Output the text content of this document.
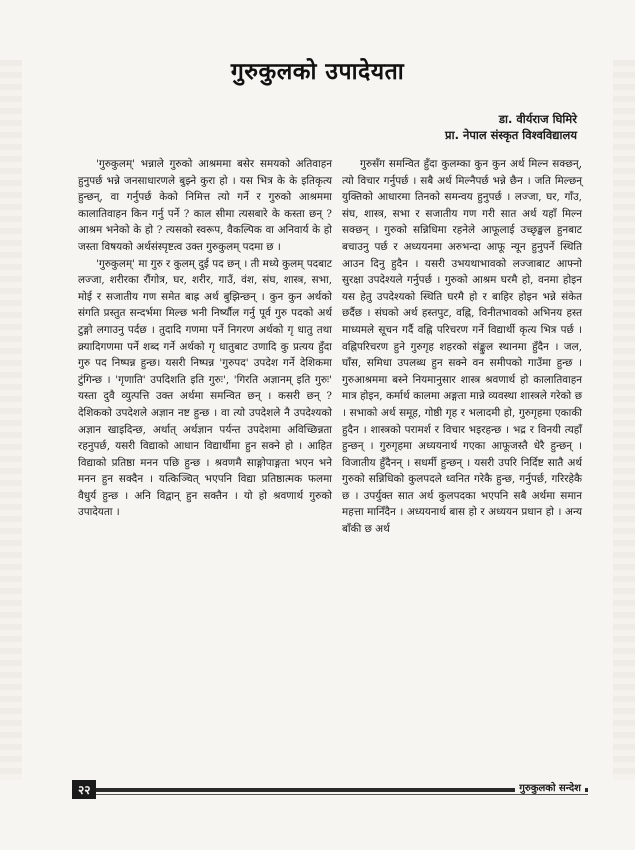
गुरुकुलको उपादेयता
डा. वीर्यराज घिमिरे
प्रा. नेपाल संस्कृत विश्वविद्यालय

'गुरुकुलम्' भन्नाले गुरुको आश्रममा बसेर समयको अतिवाहन हुनुपर्छ भन्ने जनसाधारणले बुझ्ने कुरा हो । यस भित्र के के इतिकृत्य हुन्छन्, वा गर्नुपर्छ केको निमित्त त्यो गर्ने र गुरुको आश्रममा कालातिवाहन किन गर्नु पर्ने ? काल सीमा त्यसबारे के कस्ता छन् ? आश्रम भनेको के हो ? त्यसको स्वरूप, वैकल्पिक वा अनिवार्य के हो जस्ता विषयको अर्थसंस्पृष्टत्व उक्त गुरुकुलम् पदमा छ ।

'गुरुकुलम्' मा गुरु र कुलम् दुई पद छन् । ती मध्ये कुलम् पदबाट लज्जा, शरीरका रौंगोत्र, घर, शरीर, गाउँ, वंश, संघ, शास्त्र, सभा, मोई र सजातीय गण समेत बाह्र अर्थ बुझिन्छन् । कुन कुन अर्थको संगति प्रस्तुत सन्दर्भमा मिल्छ भनी निर्ष्यौल गर्नु पूर्व गुरु पदको अर्थ टुङ्गो लगाउनु पर्दछ । तुदादि गणमा पर्ने निगरण अर्थको गृ धातु तथा क्र्यादिगणमा पर्ने शब्द गर्ने अर्थको गृ धातुबाट उणादि कु प्रत्यय हुँदा गुरु पद निष्पन्न हुन्छ। यसरी निष्पन्न 'गुरुपद' उपदेश गर्ने देशिकमा टुंगिन्छ । 'गृणाति' उपदिशति इति गुरुः', 'गिरति अज्ञानम् इति गुरुः' यस्ता दुवै व्युत्पत्ति उक्त अर्थमा समन्वित छन् । कसरी छन् ? देशिकको उपदेशले अज्ञान नष्ट हुन्छ । वा त्यो उपदेशले नै उपदेश्यको अज्ञान खाइदिन्छ, अर्थात् अर्थज्ञान पर्यन्त उपदेशमा अविच्छिन्नता रहनुपर्छ, यसरी विद्याको आधान विद्यार्थीमा हुन सक्ने हो । आहित विद्याको प्रतिष्ठा मनन पछि हुन्छ । श्रवणमै साङ्गोपाङ्गता भएन भने मनन हुन सक्दैन । यत्किञ्चित् भएपनि विद्या प्रतिष्ठात्मक फलमा वैधुर्य हुन्छ । अनि विद्वान् हुन सक्तैन । यो हो श्रवणार्थ गुरुको उपादेयता ।

गुरुसँग समन्वित हुँदा कुलम्का कुन कुन अर्थ मिल्न सक्छन्, त्यो विचार गर्नुपर्छ । सबै अर्थ मिल्नैपर्छ भन्ने छैन । जति मिल्छन् युक्तिको आधारमा तिनको समन्वय हुनुपर्छ । लज्जा, घर, गाँउ, संघ, शास्त्र, सभा र सजातीय गण गरी सात अर्थ यहाँ मिल्न सक्छन् । गुरुको सन्निधिमा रहनेले आफूलाई उच्छृङ्खल हुनबाट बचाउनु पर्छ र अध्ययनमा अरुभन्दा आफू न्यून हुनुपर्ने स्थिति आउन दिनु हुदैन । यसरी उभयथाभावको लज्जाबाट आफ्नो सुरक्षा उपदेश्यले गर्नुपर्छ । गुरुको आश्रम घरमै हो, वनमा होइन यस हेतु उपदेश्यको स्थिति घरमै हो र बाहिर होइन भन्ने संकेत छर्दैछ । संघको अर्थ हस्तपुट, वह्नि, विनीतभावको अभिनय हस्त माध्यमले सूचन गर्दै वह्नि परिचरण गर्ने विद्यार्थी कृत्य भित्र पर्छ । वह्निपरिचरण हुने गुरुगृह शहरको संङ्कुल स्थानमा हुँदैन । जल, घाँस, समिधा उपलब्ध हुन सक्ने वन समीपको गाउँमा हुन्छ । गुरुआश्रममा बस्ने नियमानुसार शास्त्र श्रवणार्थ हो कालातिवाहन मात्र होइन, कर्मार्थ कालमा अङ्गता मान्ने व्यवस्था शास्त्रले गरेको छ । सभाको अर्थ समूह, गोष्ठी गृह र भलादमी हो, गुरुगृहमा एकाकी हुदैन । शास्त्रको परामर्श र विचार भइरहन्छ । भद्र र विनयी त्यहाँ हुन्छन् । गुरुगृहमा अध्ययनार्थ गएका आफूजस्तै धेरै हुन्छन् । विजातीय हुँदैनन् । सधर्मी हुन्छन् । यसरी उपरि निर्दिष्ट सातै अर्थ गुरुको सन्निधिको कुलपदले ध्वनित गरेकै हुन्छ, गर्नुपर्छ, गरिरहेकै छ । उपर्युक्त सात अर्थ कुलपदका भएपनि सबै अर्थमा समान महत्ता मानिँदैन । अध्ययनार्थ बास हो र अध्ययन प्रधान हो । अन्य बाँकी छ अर्थ

२२	गुरुकुलको सन्देश
